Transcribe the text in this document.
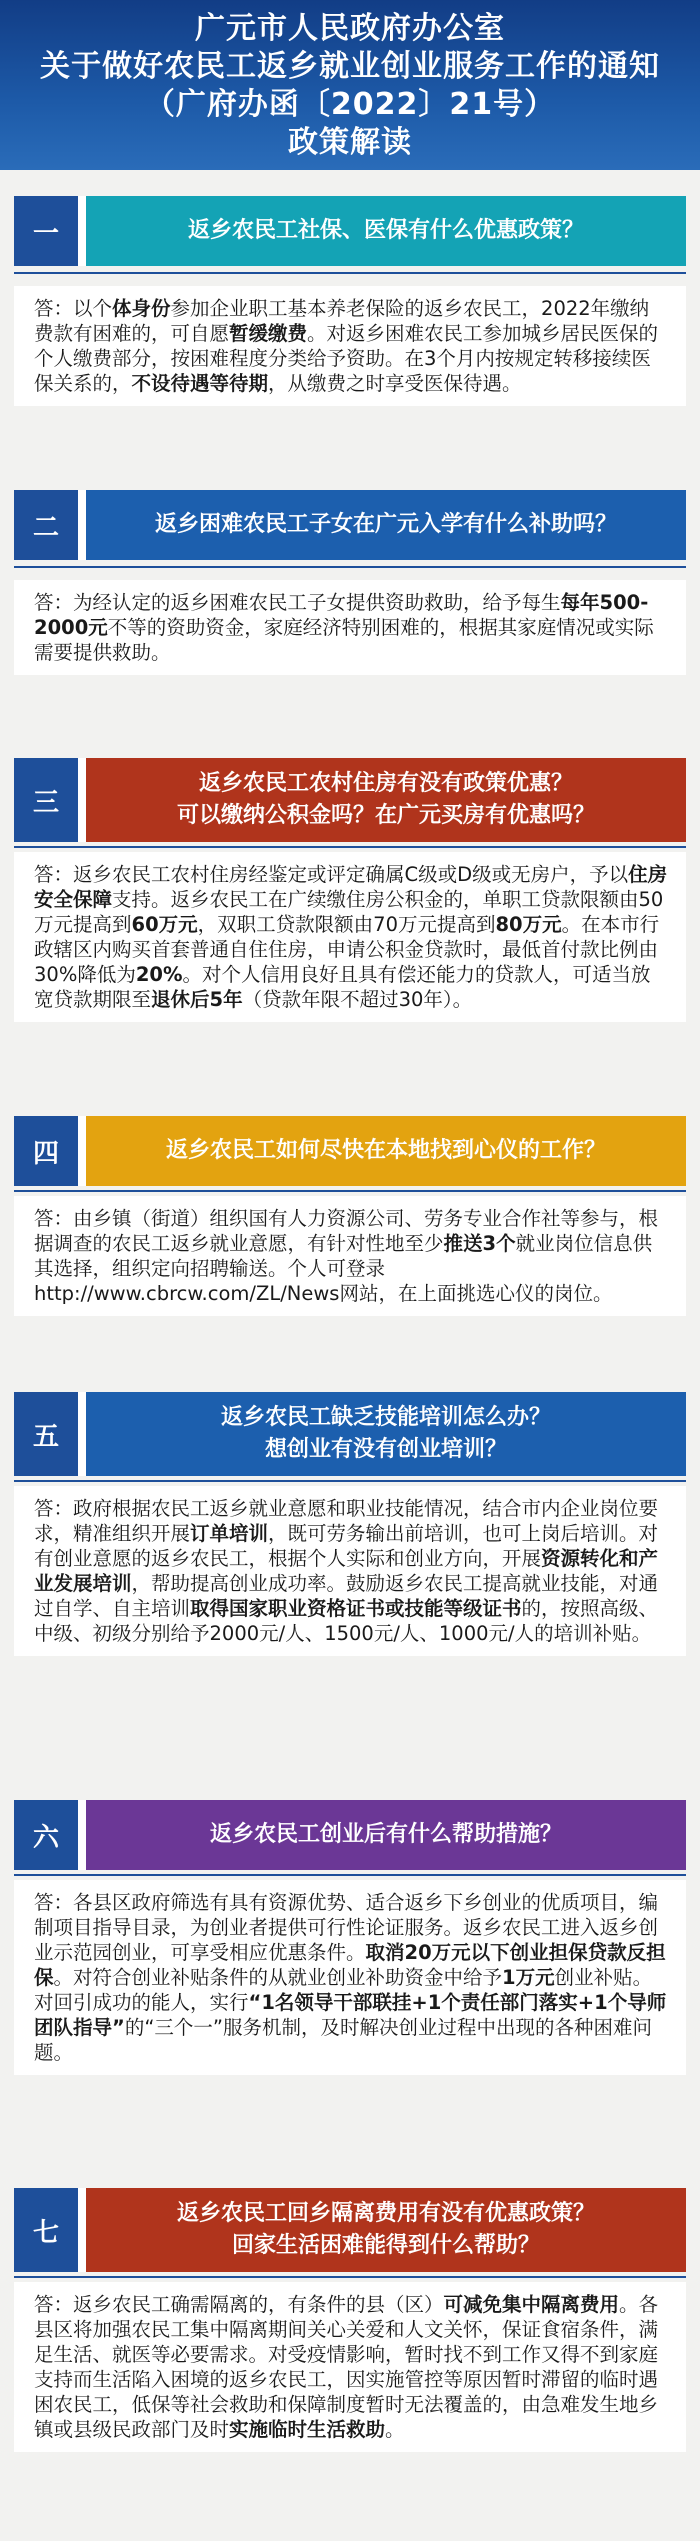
广元市人民政府办公室
关于做好农民工返乡就业创业服务工作的通知
（广府办函〔2022〕21号）
政策解读
一	返乡农民工社保、医保有什么优惠政策？
答：以个体身份参加企业职工基本养老保险的返乡农民工，2022年缴纳费款有困难的，可自愿暂缓缴费。对返乡困难农民工参加城乡居民医保的个人缴费部分，按困难程度分类给予资助。在3个月内按规定转移接续医保关系的，不设待遇等待期，从缴费之时享受医保待遇。
二	返乡困难农民工子女在广元入学有什么补助吗？
答：为经认定的返乡困难农民工子女提供资助救助，给予每生每年500-2000元不等的资助资金，家庭经济特别困难的，根据其家庭情况或实际需要提供救助。
三
返乡农民工农村住房有没有政策优惠？
可以缴纳公积金吗？在广元买房有优惠吗？
答：返乡农民工农村住房经鉴定或评定确属C级或D级或无房户，予以住房安全保障支持。返乡农民工在广续缴住房公积金的，单职工贷款限额由50万元提高到60万元，双职工贷款限额由70万元提高到80万元。在本市行政辖区内购买首套普通自住住房，申请公积金贷款时，最低首付款比例由30%降低为20%。对个人信用良好且具有偿还能力的贷款人，可适当放宽贷款期限至退休后5年（贷款年限不超过30年）。
四	返乡农民工如何尽快在本地找到心仪的工作？
答：由乡镇（街道）组织国有人力资源公司、劳务专业合作社等参与，根据调查的农民工返乡就业意愿，有针对性地至少推送3个就业岗位信息供其选择，组织定向招聘输送。个人可登录http://www.cbrcw.com/ZL/News网站，在上面挑选心仪的岗位。
五
返乡农民工缺乏技能培训怎么办？
想创业有没有创业培训？
答：政府根据农民工返乡就业意愿和职业技能情况，结合市内企业岗位要求，精准组织开展订单培训，既可劳务输出前培训，也可上岗后培训。对有创业意愿的返乡农民工，根据个人实际和创业方向，开展资源转化和产业发展培训，帮助提高创业成功率。鼓励返乡农民工提高就业技能，对通过自学、自主培训取得国家职业资格证书或技能等级证书的，按照高级、中级、初级分别给予2000元/人、1500元/人、1000元/人的培训补贴。
六	返乡农民工创业后有什么帮助措施？
答：各县区政府筛选有具有资源优势、适合返乡下乡创业的优质项目，编制项目指导目录，为创业者提供可行性论证服务。返乡农民工进入返乡创业示范园创业，可享受相应优惠条件。取消20万元以下创业担保贷款反担保。对符合创业补贴条件的从就业创业补助资金中给予1万元创业补贴。对回引成功的能人，实行“1名领导干部联挂+1个责任部门落实+1个导师团队指导”的“三个一”服务机制，及时解决创业过程中出现的各种困难问题。
七
返乡农民工回乡隔离费用有没有优惠政策？
回家生活困难能得到什么帮助？
答：返乡农民工确需隔离的，有条件的县（区）可减免集中隔离费用。各县区将加强农民工集中隔离期间关心关爱和人文关怀，保证食宿条件，满足生活、就医等必要需求。对受疫情影响，暂时找不到工作又得不到家庭支持而生活陷入困境的返乡农民工，因实施管控等原因暂时滞留的临时遇困农民工，低保等社会救助和保障制度暂时无法覆盖的，由急难发生地乡镇或县级民政部门及时实施临时生活救助。
